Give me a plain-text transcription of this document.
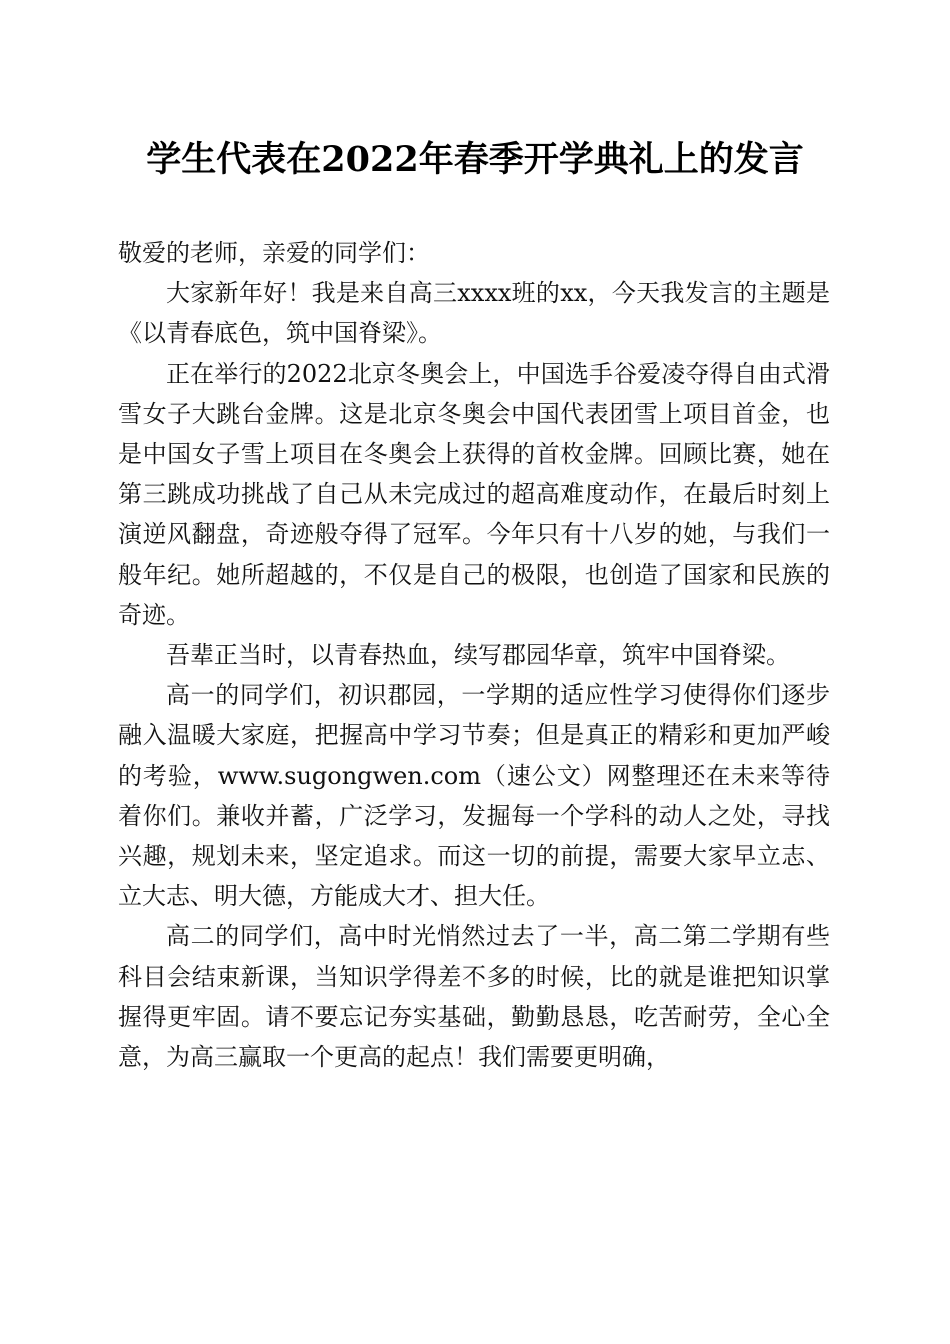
学生代表在2022年春季开学典礼上的发言

敬爱的老师，亲爱的同学们：

大家新年好！我是来自高三xxxx班的xx，今天我发言的主题是《以青春底色，筑中国脊梁》。

正在举行的2022北京冬奥会上，中国选手谷爱凌夺得自由式滑雪女子大跳台金牌。这是北京冬奥会中国代表团雪上项目首金，也是中国女子雪上项目在冬奥会上获得的首枚金牌。回顾比赛，她在第三跳成功挑战了自己从未完成过的超高难度动作，在最后时刻上演逆风翻盘，奇迹般夺得了冠军。今年只有十八岁的她，与我们一般年纪。她所超越的，不仅是自己的极限，也创造了国家和民族的奇迹。

吾辈正当时，以青春热血，续写郡园华章，筑牢中国脊梁。

高一的同学们，初识郡园，一学期的适应性学习使得你们逐步融入温暖大家庭，把握高中学习节奏；但是真正的精彩和更加严峻的考验，www.sugongwen.com（速公文）网整理还在未来等待着你们。兼收并蓄，广泛学习，发掘每一个学科的动人之处，寻找兴趣，规划未来，坚定追求。而这一切的前提，需要大家早立志、立大志、明大德，方能成大才、担大任。

高二的同学们，高中时光悄然过去了一半，高二第二学期有些科目会结束新课，当知识学得差不多的时候，比的就是谁把知识掌握得更牢固。请不要忘记夯实基础，勤勤恳恳，吃苦耐劳，全心全意，为高三赢取一个更高的起点！我们需要更明确，
